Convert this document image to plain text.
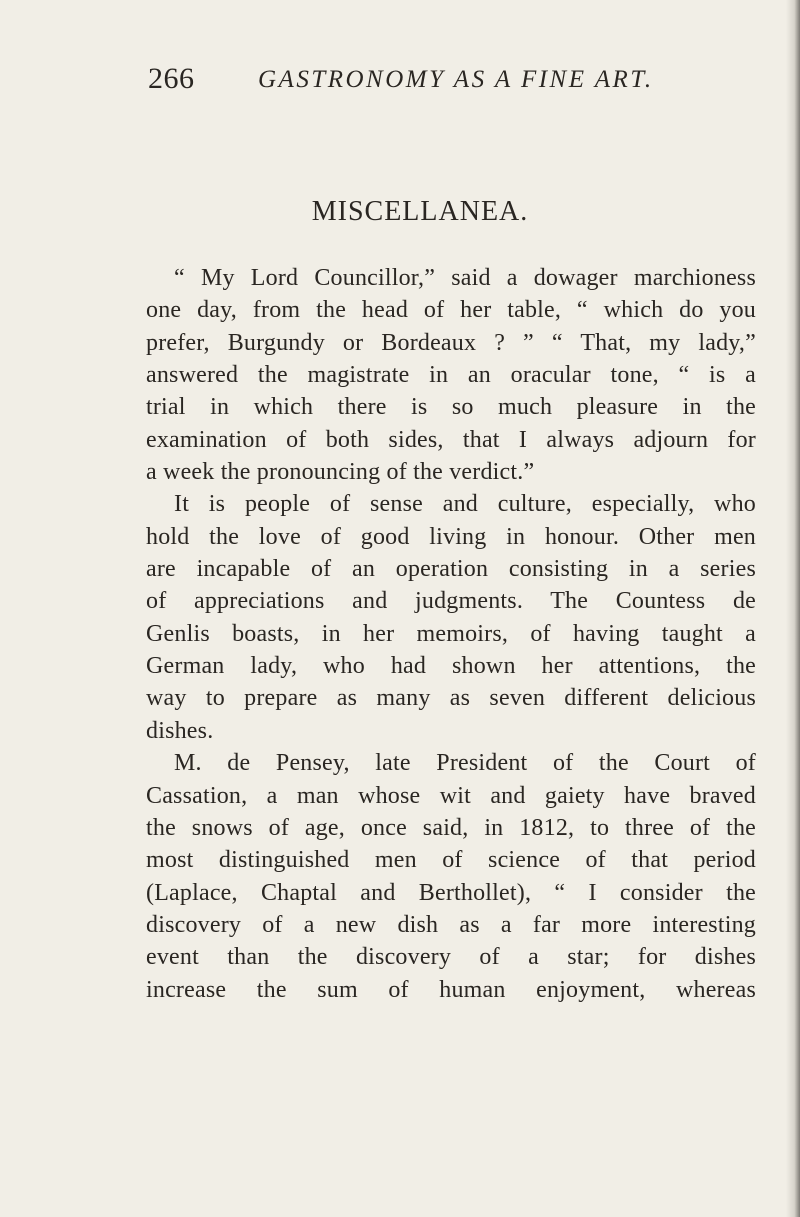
266	GASTRONOMY AS A FINE ART.
MISCELLANEA.
“ My Lord Councillor,” said a dowager marchioness
one day, from the head of her table, “ which do you
prefer, Burgundy or Bordeaux ? ” “ That, my lady,”
answered the magistrate in an oracular tone, “ is a
trial in which there is so much pleasure in the
examination of both sides, that I always adjourn for
a week the pronouncing of the verdict.”
It is people of sense and culture, especially, who
hold the love of good living in honour. Other men
are incapable of an operation consisting in a series
of appreciations and judgments. The Countess de
Genlis boasts, in her memoirs, of having taught a
German lady, who had shown her attentions, the
way to prepare as many as seven different delicious
dishes.
M. de Pensey, late President of the Court of
Cassation, a man whose wit and gaiety have braved
the snows of age, once said, in 1812, to three of the
most distinguished men of science of that period
(Laplace, Chaptal and Berthollet), “ I consider the
discovery of a new dish as a far more interesting
event than the discovery of a star; for dishes
increase the sum of human enjoyment, whereas
